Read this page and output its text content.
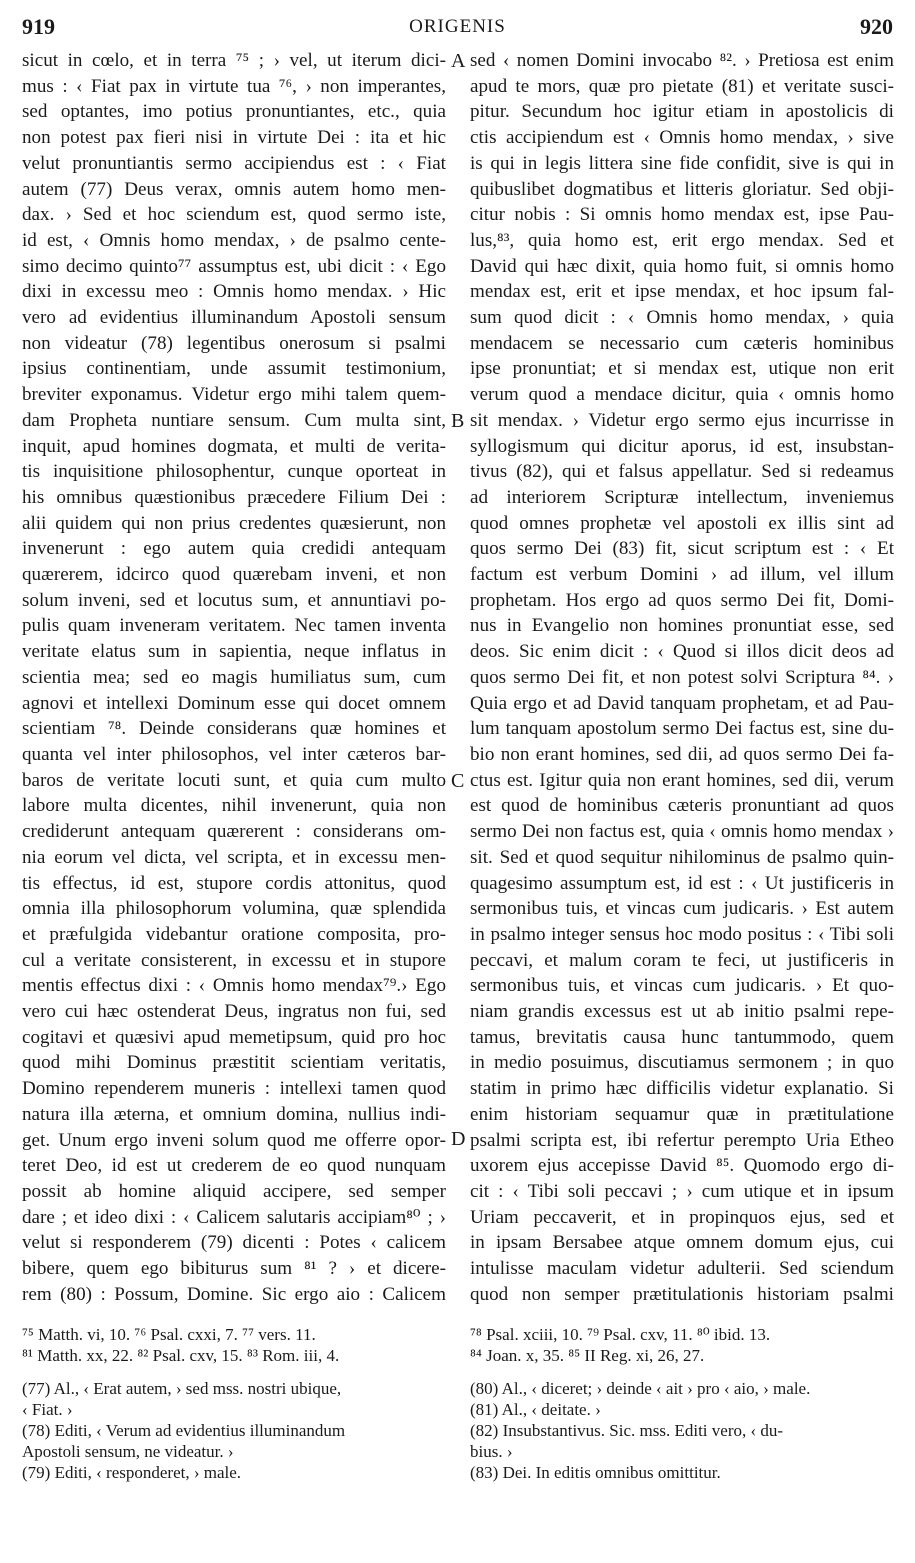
919	ORIGENIS	920
sicut in cœlo, et in terra ⁷⁵ ; › vel, ut iterum dici-
mus : ‹ Fiat pax in virtute tua ⁷⁶, › non imperantes,
sed optantes, imo potius pronuntiantes, etc., quia
non potest pax fieri nisi in virtute Dei : ita et hic
velut pronuntiantis sermo accipiendus est : ‹ Fiat
autem (77) Deus verax, omnis autem homo men-
dax. › Sed et hoc sciendum est, quod sermo iste,
id est, ‹ Omnis homo mendax, › de psalmo cente-
simo decimo quinto⁷⁷ assumptus est, ubi dicit : ‹ Ego
dixi in excessu meo : Omnis homo mendax. › Hic
vero ad evidentius illuminandum Apostoli sensum
non videatur (78) legentibus onerosum si psalmi
ipsius continentiam, unde assumit testimonium,
breviter exponamus. Videtur ergo mihi talem quem-
dam Propheta nuntiare sensum. Cum multa sint,
inquit, apud homines dogmata, et multi de verita-
tis inquisitione philosophentur, cunque oporteat in
his omnibus quæstionibus præcedere Filium Dei :
alii quidem qui non prius credentes quæsierunt, non
invenerunt : ego autem quia credidi antequam
quærerem, idcirco quod quærebam inveni, et non
solum inveni, sed et locutus sum, et annuntiavi po-
pulis quam inveneram veritatem. Nec tamen inventa
veritate elatus sum in sapientia, neque inflatus in
scientia mea; sed eo magis humiliatus sum, cum
agnovi et intellexi Dominum esse qui docet omnem
scientiam ⁷⁸. Deinde considerans quæ homines et
quanta vel inter philosophos, vel inter cæteros bar-
baros de veritate locuti sunt, et quia cum multo
labore multa dicentes, nihil invenerunt, quia non
crediderunt antequam quærerent : considerans om-
nia eorum vel dicta, vel scripta, et in excessu men-
tis effectus, id est, stupore cordis attonitus, quod
omnia illa philosophorum volumina, quæ splendida
et præfulgida videbantur oratione composita, pro-
cul a veritate consisterent, in excessu et in stupore
mentis effectus dixi : ‹ Omnis homo mendax⁷⁹.› Ego
vero cui hæc ostenderat Deus, ingratus non fui, sed
cogitavi et quæsivi apud memetipsum, quid pro hoc
quod mihi Dominus præstitit scientiam veritatis,
Domino rependerem muneris : intellexi tamen quod
natura illa æterna, et omnium domina, nullius indi-
get. Unum ergo inveni solum quod me offerre opor-
teret Deo, id est ut crederem de eo quod nunquam
possit ab homine aliquid accipere, sed semper
dare ; et ideo dixi : ‹ Calicem salutaris accipiam⁸⁰ ; ›
velut si responderem (79) dicenti : Potes ‹ calicem
bibere, quem ego bibiturus sum ⁸¹ ? › et dicere-
rem (80) : Possum, Domine. Sic ergo aio : Calicem
sed ‹ nomen Domini invocabo ⁸². › Pretiosa est enim
apud te mors, quæ pro pietate (81) et veritate susci-
pitur. Secundum hoc igitur etiam in apostolicis di
ctis accipiendum est ‹ Omnis homo mendax, › sive
is qui in legis littera sine fide confidit, sive is qui in
quibuslibet dogmatibus et litteris gloriatur. Sed obji-
citur nobis : Si omnis homo mendax est, ipse Pau-
lus,⁸³, quia homo est, erit ergo mendax. Sed et
David qui hæc dixit, quia homo fuit, si omnis homo
mendax est, erit et ipse mendax, et hoc ipsum fal-
sum quod dicit : ‹ Omnis homo mendax, › quia
mendacem se necessario cum cæteris hominibus
ipse pronuntiat; et si mendax est, utique non erit
verum quod a mendace dicitur, quia ‹ omnis homo
sit mendax. › Videtur ergo sermo ejus incurrisse in
syllogismum qui dicitur aporus, id est, insubstan-
tivus (82), qui et falsus appellatur. Sed si redeamus
ad interiorem Scripturæ intellectum, inveniemus
quod omnes prophetæ vel apostoli ex illis sint ad
quos sermo Dei (83) fit, sicut scriptum est : ‹ Et
factum est verbum Domini › ad illum, vel illum
prophetam. Hos ergo ad quos sermo Dei fit, Domi-
nus in Evangelio non homines pronuntiat esse, sed
deos. Sic enim dicit : ‹ Quod si illos dicit deos ad
quos sermo Dei fit, et non potest solvi Scriptura ⁸⁴. ›
Quia ergo et ad David tanquam prophetam, et ad Pau-
lum tanquam apostolum sermo Dei factus est, sine du-
bio non erant homines, sed dii, ad quos sermo Dei fa-
ctus est. Igitur quia non erant homines, sed dii, verum
est quod de hominibus cæteris pronuntiant ad quos
sermo Dei non factus est, quia ‹ omnis homo mendax ›
sit. Sed et quod sequitur nihilominus de psalmo quin-
quagesimo assumptum est, id est : ‹ Ut justificeris in
sermonibus tuis, et vincas cum judicaris. › Est autem
in psalmo integer sensus hoc modo positus : ‹ Tibi soli
peccavi, et malum coram te feci, ut justificeris in
sermonibus tuis, et vincas cum judicaris. › Et quo-
niam grandis excessus est ut ab initio psalmi repe-
tamus, brevitatis causa hunc tantummodo, quem
in medio posuimus, discutiamus sermonem ; in quo
statim in primo hæc difficilis videtur explanatio. Si
enim historiam sequamur quæ in prætitulatione
psalmi scripta est, ibi refertur perempto Uria Etheo
uxorem ejus accepisse David ⁸⁵. Quomodo ergo di-
cit : ‹ Tibi soli peccavi ; › cum utique et in ipsum
Uriam peccaverit, et in propinquos ejus, sed et
in ipsam Bersabee atque omnem domum ejus, cui
intulisse maculam videtur adulterii. Sed sciendum
quod non semper prætitulationis historiam psalmi
A
B
C
D
⁷⁵ Matth. vi, 10. ⁷⁶ Psal. cxxi, 7. ⁷⁷ vers. 11.
⁸¹ Matth. xx, 22. ⁸² Psal. cxv, 15. ⁸³ Rom. iii, 4.
⁷⁸ Psal. xciii, 10. ⁷⁹ Psal. cxv, 11. ⁸⁰ ibid. 13.
⁸⁴ Joan. x, 35. ⁸⁵ II Reg. xi, 26, 27.
(77) Al., ‹ Erat autem, › sed mss. nostri ubique,
‹ Fiat. ›
(78) Editi, ‹ Verum ad evidentius illuminandum
Apostoli sensum, ne videatur. ›
(79) Editi, ‹ responderet, › male.
(80) Al., ‹ diceret; › deinde ‹ ait › pro ‹ aio, › male.
(81) Al., ‹ deitate. ›
(82) Insubstantivus. Sic. mss. Editi vero, ‹ du-
bius. ›
(83) Dei. In editis omnibus omittitur.
